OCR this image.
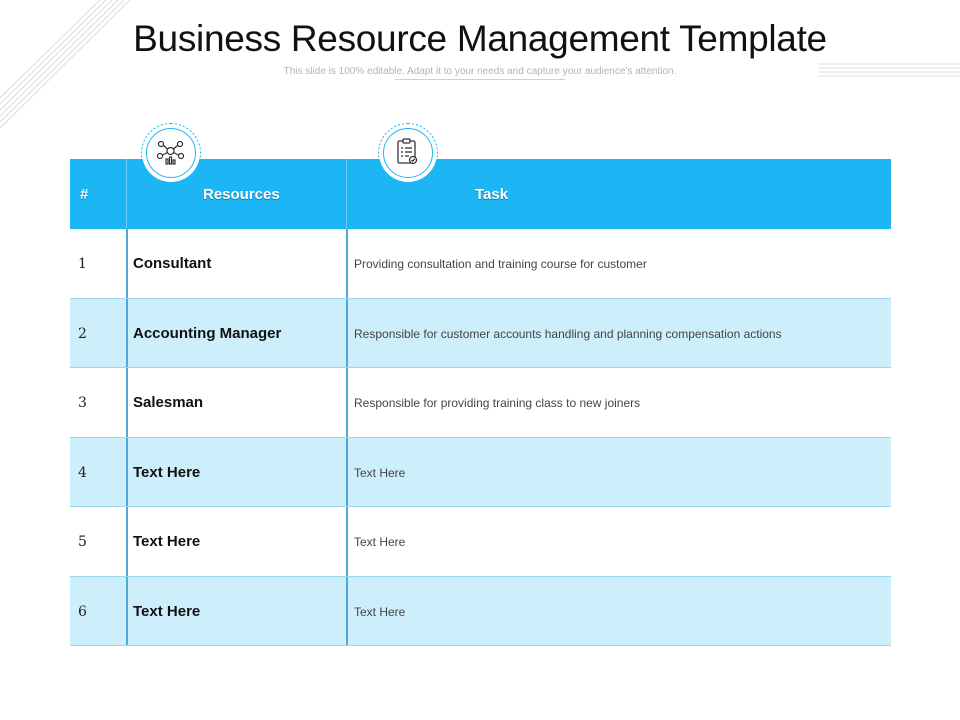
Business Resource Management Template
This slide is 100% editable. Adapt it to your needs and capture your audience's attention.
#	Resources	Task
1	Consultant	Providing consultation and training course for customer
2	Accounting Manager	Responsible for customer accounts handling and planning compensation actions
3	Salesman	Responsible for providing training class to new joiners
4	Text Here	Text Here
5	Text Here	Text Here
6	Text Here	Text Here
